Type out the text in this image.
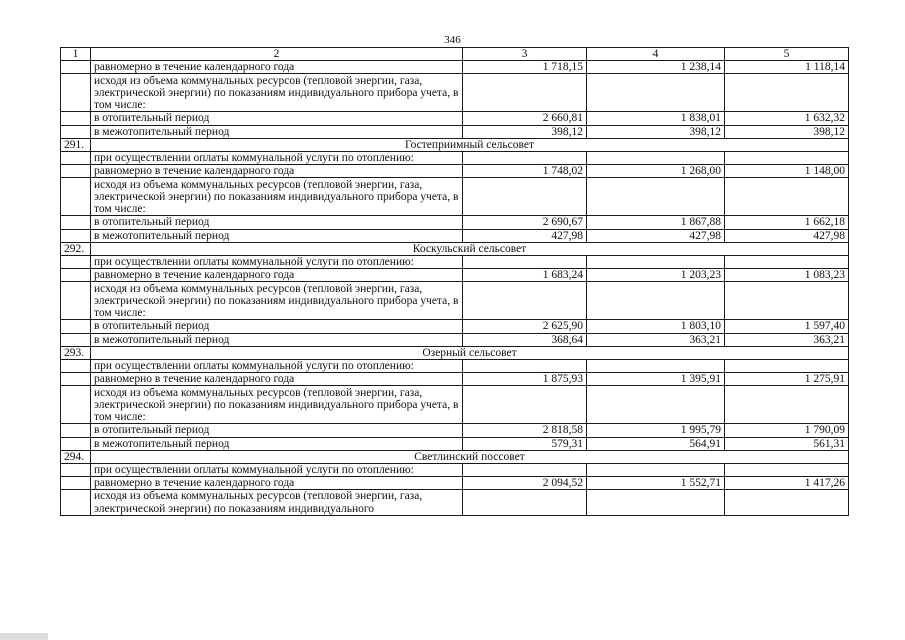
346
1	2	3	4	5
	равномерно в течение календарного года	1 718,15	1 238,14	1 118,14
	исходя из объема коммунальных ресурсов (тепловой энергии, газа, электрической энергии) по показаниям индивидуального прибора учета, в том числе:			
	в отопительный период	2 660,81	1 838,01	1 632,32
	в межотопительный период	398,12	398,12	398,12
291.	Гостеприимный сельсовет			
	при осуществлении оплаты коммунальной услуги по отоплению:			
	равномерно в течение календарного года	1 748,02	1 268,00	1 148,00
	исходя из объема коммунальных ресурсов (тепловой энергии, газа, электрической энергии) по показаниям индивидуального прибора учета, в том числе:			
	в отопительный период	2 690,67	1 867,88	1 662,18
	в межотопительный период	427,98	427,98	427,98
292.	Коскульский сельсовет			
	при осуществлении оплаты коммунальной услуги по отоплению:			
	равномерно в течение календарного года	1 683,24	1 203,23	1 083,23
	исходя из объема коммунальных ресурсов (тепловой энергии, газа, электрической энергии) по показаниям индивидуального прибора учета, в том числе:			
	в отопительный период	2 625,90	1 803,10	1 597,40
	в межотопительный период	368,64	363,21	363,21
293.	Озерный сельсовет			
	при осуществлении оплаты коммунальной услуги по отоплению:			
	равномерно в течение календарного года	1 875,93	1 395,91	1 275,91
	исходя из объема коммунальных ресурсов (тепловой энергии, газа, электрической энергии) по показаниям индивидуального прибора учета, в том числе:			
	в отопительный период	2 818,58	1 995,79	1 790,09
	в межотопительный период	579,31	564,91	561,31
294.	Светлинский поссовет			
	при осуществлении оплаты коммунальной услуги по отоплению:			
	равномерно в течение календарного года	2 094,52	1 552,71	1 417,26
	исходя из объема коммунальных ресурсов (тепловой энергии, газа, электрической энергии) по показаниям индивидуального			
